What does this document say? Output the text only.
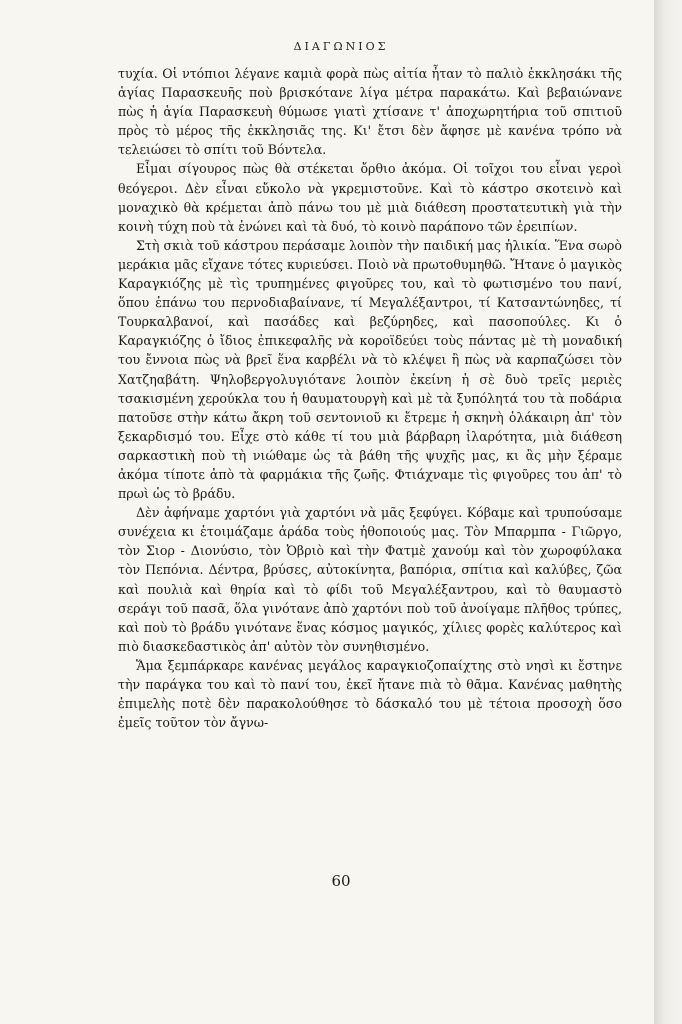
ΔΙΑΓΩΝΙΟΣ

τυχία. Οἱ ντόπιοι λέγανε καμιὰ φορὰ πὼς αἰτία ἦταν τὸ παλιὸ ἐκκλησάκι τῆς ἁγίας Παρασκευῆς ποὺ βρισκότανε λίγα μέτρα παρακάτω. Καὶ βεβαιώνανε πὼς ἡ ἁγία Παρασκευὴ θύμωσε γιατὶ χτίσανε τ' ἀποχωρητήρια τοῦ σπιτιοῦ πρὸς τὸ μέρος τῆς ἐκκλησιᾶς της. Κι' ἔτσι δὲν ἄφησε μὲ κανένα τρόπο νὰ τελειώσει τὸ σπίτι τοῦ Βόντελα.

Εἶμαι σίγουρος πὼς θὰ στέκεται ὄρθιο ἀκόμα. Οἱ τοῖχοι του εἶναι γεροὶ θεόγεροι. Δὲν εἶναι εὔκολο νὰ γκρεμιστοῦνε. Καὶ τὸ κάστρο σκοτεινὸ καὶ μοναχικὸ θὰ κρέμεται ἀπὸ πάνω του μὲ μιὰ διάθεση προστατευτικὴ γιὰ τὴν κοινὴ τύχη ποὺ τὰ ἑνώνει καὶ τὰ δυό, τὸ κοινὸ παράπονο τῶν ἐρειπίων.

Στὴ σκιὰ τοῦ κάστρου περάσαμε λοιπὸν τὴν παιδική μας ἡλικία. Ἕνα σωρὸ μεράκια μᾶς εἴχανε τότες κυριεύσει. Ποιὸ νὰ πρωτοθυμηθῶ. Ἤτανε ὁ μαγικὸς Καραγκιόζης μὲ τὶς τρυπημένες φιγοῦρες του, καὶ τὸ φωτισμένο του πανί, ὅπου ἐπάνω του περνοδιαβαίνανε, τί Μεγαλέξαντροι, τί Κατσαντώνηδες, τί Τουρκαλβανοί, καὶ πασάδες καὶ βεζύρηδες, καὶ πασοπούλες. Κι ὁ Καραγκιόζης ὁ ἴδιος ἐπικεφαλῆς νὰ κοροϊδεύει τοὺς πάντας μὲ τὴ μοναδική του ἔννοια πὼς νὰ βρεῖ ἕνα καρβέλι νὰ τὸ κλέψει ἢ πὼς νὰ καρπαζώσει τὸν Χατζηαβάτη. Ψηλοβεργολυγιότανε λοιπὸν ἐκείνη ἡ σὲ δυὸ τρεῖς μεριὲς τσακισμένη χερούκλα του ἡ θαυματουργὴ καὶ μὲ τὰ ξυπόλητά του τὰ ποδάρια πατοῦσε στὴν κάτω ἄκρη τοῦ σεντονιοῦ κι ἔτρεμε ἡ σκηνὴ ὁλάκαιρη ἀπ' τὸν ξεκαρδισμό του. Εἶχε στὸ κάθε τί του μιὰ βάρβαρη ἱλαρότητα, μιὰ διάθεση σαρκαστικὴ ποὺ τὴ νιώθαμε ὡς τὰ βάθη τῆς ψυχῆς μας, κι ἂς μὴν ξέραμε ἀκόμα τίποτε ἀπὸ τὰ φαρμάκια τῆς ζωῆς. Φτιάχναμε τὶς φιγοῦρες του ἀπ' τὸ πρωὶ ὡς τὸ βράδυ.

Δὲν ἀφήναμε χαρτόνι γιὰ χαρτόνι νὰ μᾶς ξεφύγει. Κόβαμε καὶ τρυπούσαμε συνέχεια κι ἑτοιμάζαμε ἀράδα τοὺς ἠθοποιούς μας. Τὸν Μπαρμπα - Γιῶργο, τὸν Σιορ - Διονύσιο, τὸν Ὀβριὸ καὶ τὴν Φατμὲ χανούμ καὶ τὸν χωροφύλακα τὸν Πεπόνια. Δέντρα, βρύσες, αὐτοκίνητα, βαπόρια, σπίτια καὶ καλύβες, ζῶα καὶ πουλιὰ καὶ θηρία καὶ τὸ φίδι τοῦ Μεγαλέξαντρου, καὶ τὸ θαυμαστὸ σεράγι τοῦ πασᾶ, ὅλα γινότανε ἀπὸ χαρτόνι ποὺ τοῦ ἀνοίγαμε πλῆθος τρύπες, καὶ ποὺ τὸ βράδυ γινότανε ἕνας κόσμος μαγικός, χίλιες φορὲς καλύτερος καὶ πιὸ διασκεδαστικὸς ἀπ' αὐτὸν τὸν συνηθισμένο.

Ἅμα ξεμπάρκαρε κανένας μεγάλος καραγκιοζοπαίχτης στὸ νησὶ κι ἔστηνε τὴν παράγκα του καὶ τὸ πανί του, ἐκεῖ ἤτανε πιὰ τὸ θᾶμα. Κανένας μαθητὴς ἐπιμελὴς ποτὲ δὲν παρακολούθησε τὸ δάσκαλό του μὲ τέτοια προσοχὴ ὅσο ἐμεῖς τοῦτον τὸν ἄγνω-

60
